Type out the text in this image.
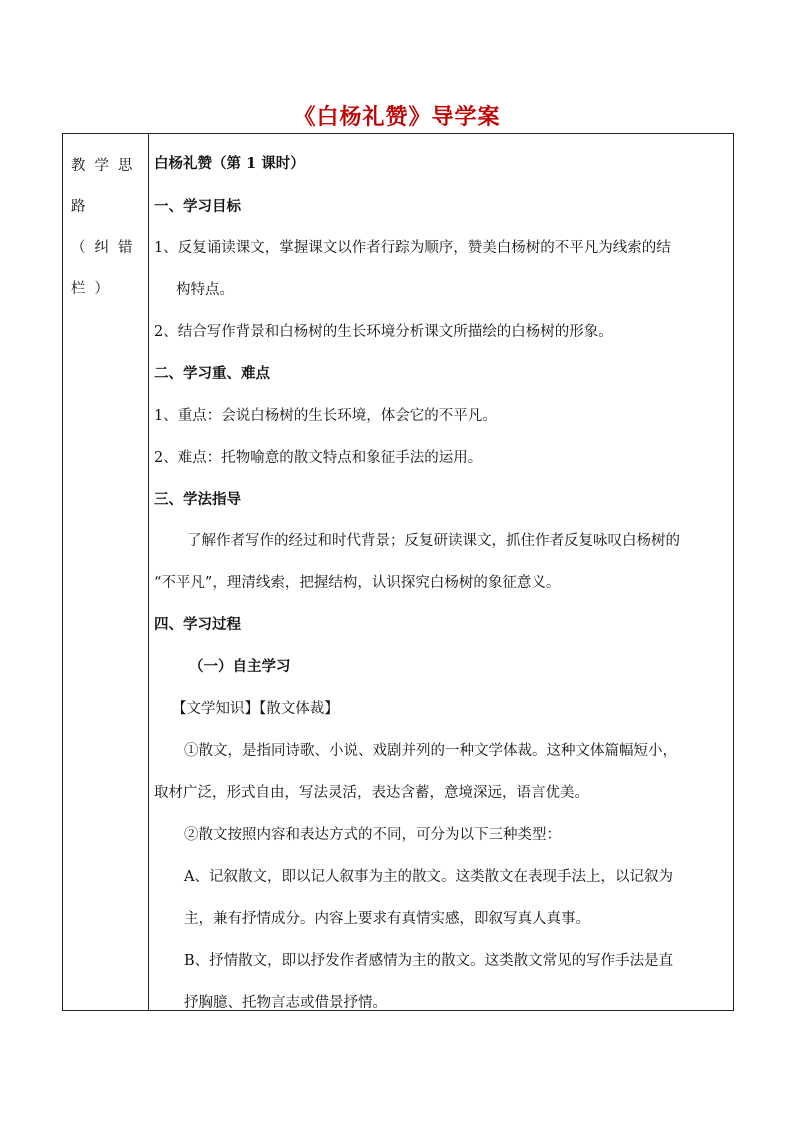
《白杨礼赞》导学案
教学思
路
（纠错
栏）
白杨礼赞（第 1 课时）
一、学习目标
1、反复诵读课文，掌握课文以作者行踪为顺序，赞美白杨树的不平凡为线索的结
构特点。
2、结合写作背景和白杨树的生长环境分析课文所描绘的白杨树的形象。
二、学习重、难点
1、重点：会说白杨树的生长环境，体会它的不平凡。
2、难点：托物喻意的散文特点和象征手法的运用。
三、学法指导
了解作者写作的经过和时代背景；反复研读课文，抓住作者反复咏叹白杨树的
“不平凡”，理清线索，把握结构，认识探究白杨树的象征意义。
四、学习过程
（一）自主学习
【文学知识】【散文体裁】
①散文，是指同诗歌、小说、戏剧并列的一种文学体裁。这种文体篇幅短小，
取材广泛，形式自由，写法灵活，表达含蓄，意境深远，语言优美。
②散文按照内容和表达方式的不同，可分为以下三种类型：
A、记叙散文，即以记人叙事为主的散文。这类散文在表现手法上，以记叙为
主，兼有抒情成分。内容上要求有真情实感，即叙写真人真事。
B、抒情散文，即以抒发作者感情为主的散文。这类散文常见的写作手法是直
抒胸臆、托物言志或借景抒情。
